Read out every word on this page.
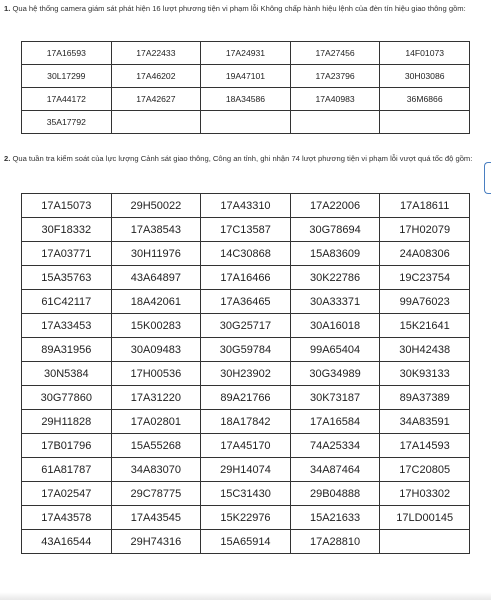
1. Qua hệ thống camera giám sát phát hiện 16 lượt phương tiện vi phạm lỗi Không chấp hành hiệu lệnh của đèn tín hiệu giao thông gồm:
17A16593	17A22433	17A24931	17A27456	14F01073
30L17299	17A46202	19A47101	17A23796	30H03086
17A44172	17A42627	18A34586	17A40983	36M6866
35A17792				
2. Qua tuần tra kiểm soát của lực lượng Cảnh sát giao thông, Công an tỉnh, ghi nhận 74 lượt phương tiện vi phạm lỗi vượt quá tốc độ gồm:
17A15073	29H50022	17A43310	17A22006	17A18611
30F18332	17A38543	17C13587	30G78694	17H02079
17A03771	30H11976	14C30868	15A83609	24A08306
15A35763	43A64897	17A16466	30K22786	19C23754
61C42117	18A42061	17A36465	30A33371	99A76023
17A33453	15K00283	30G25717	30A16018	15K21641
89A31956	30A09483	30G59784	99A65404	30H42438
30N5384	17H00536	30H23902	30G34989	30K93133
30G77860	17A31220	89A21766	30K73187	89A37389
29H11828	17A02801	18A17842	17A16584	34A83591
17B01796	15A55268	17A45170	74A25334	17A14593
61A81787	34A83070	29H14074	34A87464	17C20805
17A02547	29C78775	15C31430	29B04888	17H03302
17A43578	17A43545	15K22976	15A21633	17LD00145
43A16544	29H74316	15A65914	17A28810	
